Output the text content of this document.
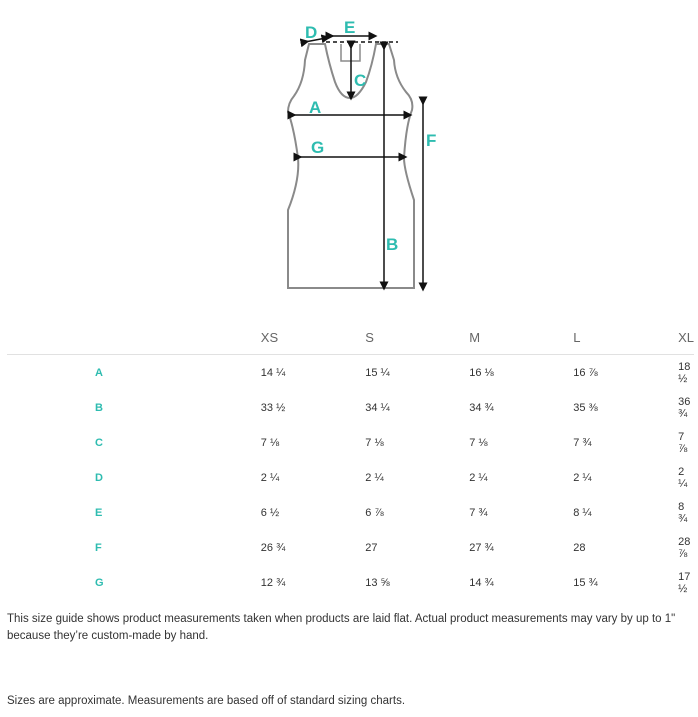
D E
C
A
G
B
F
	XS	S	M	L	XL
A	14 ¼	15 ¼	16 ⅛	16 ⅞	18 ½
B	33 ½	34 ¼	34 ¾	35 ⅜	36 ¾
C	7 ⅛	7 ⅛	7 ⅛	7 ¾	7 ⅞
D	2 ¼	2 ¼	2 ¼	2 ¼	2 ¼
E	6 ½	6 ⅞	7 ¾	8 ¼	8 ¾
F	26 ¾	27	27 ¾	28	28 ⅞
G	12 ¾	13 ⅝	14 ¾	15 ¾	17 ½
This size guide shows product measurements taken when products are laid flat. Actual product measurements may vary by up to 1" because they’re custom-made by hand.
Sizes are approximate. Measurements are based off of standard sizing charts.
